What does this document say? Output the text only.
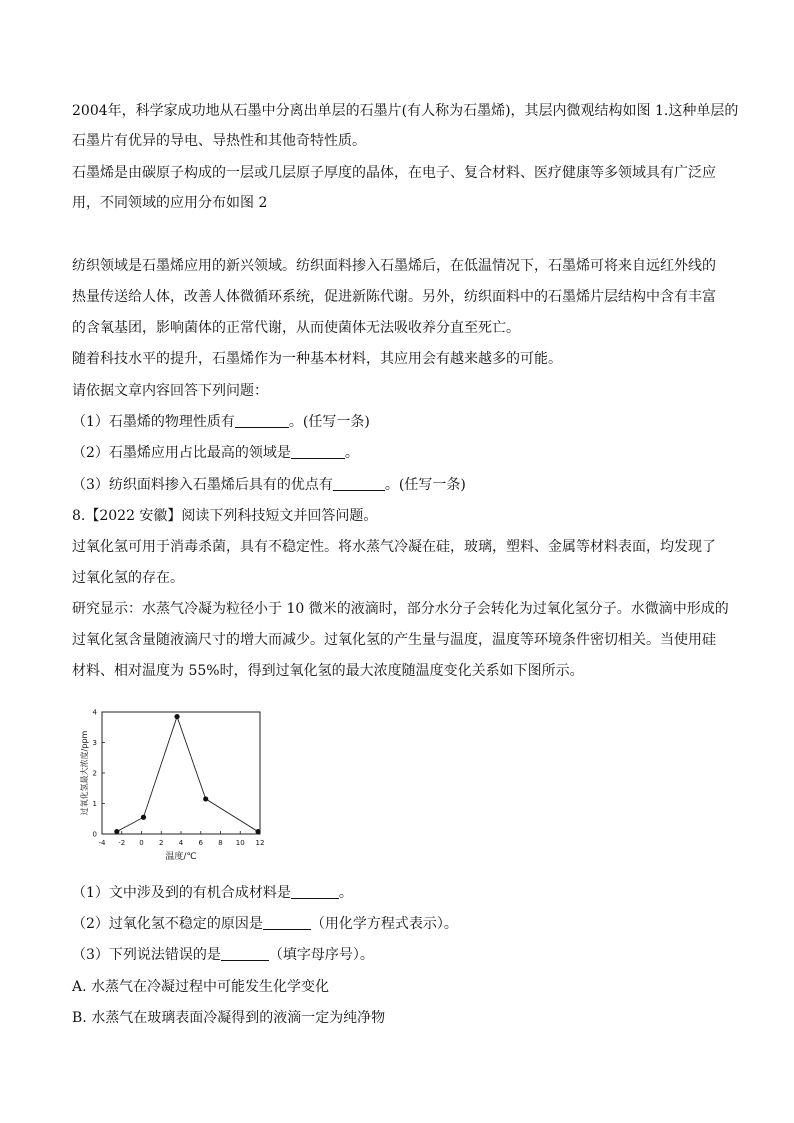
2004年，科学家成功地从石墨中分离出单层的石墨片(有人称为石墨烯)，其层内微观结构如图 1.这种单层的
石墨片有优异的导电、导热性和其他奇特性质。
石墨烯是由碳原子构成的一层或几层原子厚度的晶体，在电子、复合材料、医疗健康等多领域具有广泛应
用，不同领域的应用分布如图 2
纺织领域是石墨烯应用的新兴领域。纺织面料掺入石墨烯后，在低温情况下，石墨烯可将来自远红外线的
热量传送给人体，改善人体微循环系统，促进新陈代谢。另外，纺织面料中的石墨烯片层结构中含有丰富
的含氧基团，影响菌体的正常代谢，从而使菌体无法吸收养分直至死亡。
随着科技水平的提升，石墨烯作为一种基本材料，其应用会有越来越多的可能。
请依据文章内容回答下列问题：
（1）石墨烯的物理性质有	。(任写一条)
（2）石墨烯应用占比最高的领域是	。
（3）纺织面料掺入石墨烯后具有的优点有	。(任写一条)
8.【2022 安徽】阅读下列科技短文并回答问题。
过氧化氢可用于消毒杀菌，具有不稳定性。将水蒸气冷凝在硅，玻璃，塑料、金属等材料表面，均发现了
过氧化氢的存在。
研究显示：水蒸气冷凝为粒径小于 10 微米的液滴时，部分水分子会转化为过氧化氢分子。水微滴中形成的
过氧化氢含量随液滴尺寸的增大而减少。过氧化氢的产生量与温度，温度等环境条件密切相关。当使用硅
材料、相对温度为 55%时，得到过氧化氢的最大浓度随温度变化关系如下图所示。
-4 -2 0 2 4 6 8 10 12
0
1
2
3
4
过氧化氢最大浓度/ppm
温度/℃
（1）文中涉及到的有机合成材料是	。
（2）过氧化氢不稳定的原因是	（用化学方程式表示）。
（3）下列说法错误的是	（填字母序号）。
A. 水蒸气在冷凝过程中可能发生化学变化
B. 水蒸气在玻璃表面冷凝得到的液滴一定为纯净物
